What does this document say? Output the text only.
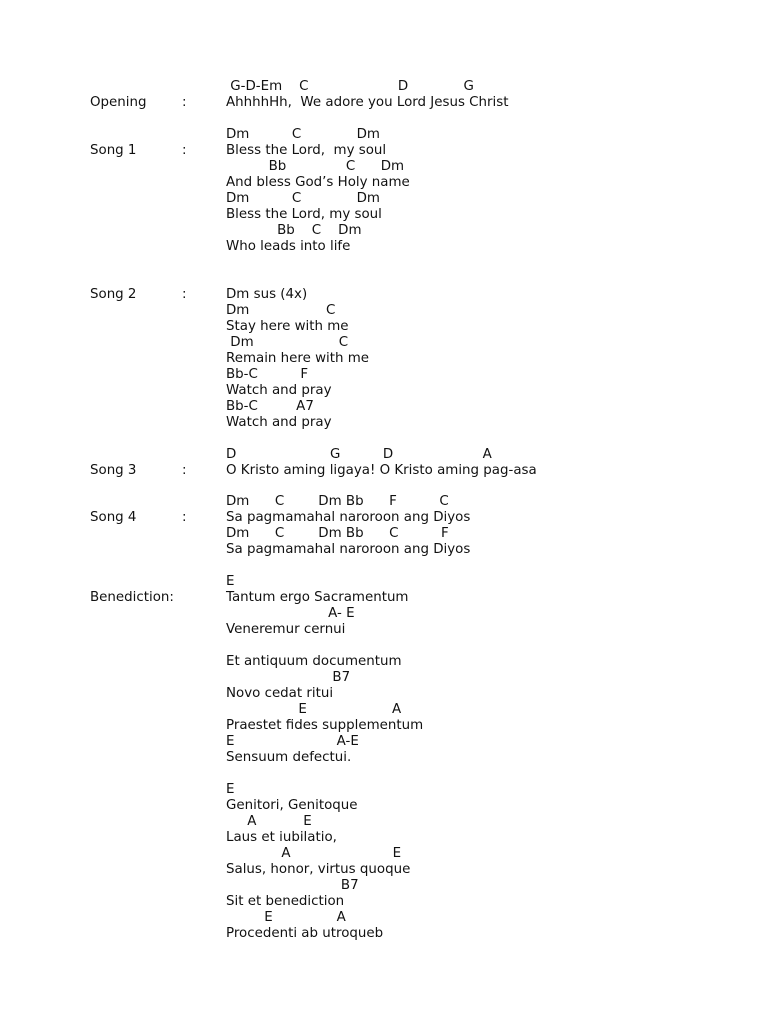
G-D-Em    C                     D             G
Opening	:	AhhhhHh,  We adore you Lord Jesus Christ
Dm          C             Dm
Song 1	:	Bless the Lord,  my soul
Bb              C      Dm
And bless God’s Holy name
Dm          C             Dm
Bless the Lord, my soul
Bb    C    Dm
Who leads into life
Song 2	:	Dm sus (4x)
Dm                  C
Stay here with me
Dm                    C
Remain here with me
Bb-C          F
Watch and pray
Bb-C         A7
Watch and pray
D                      G          D                     A
Song 3	:	O Kristo aming ligaya! O Kristo aming pag-asa
Dm      C        Dm Bb      F          C
Song 4	:	Sa pagmamahal naroroon ang Diyos
Dm      C        Dm Bb      C          F
Sa pagmamahal naroroon ang Diyos
E
Benediction:	Tantum ergo Sacramentum
A- E
Veneremur cernui
Et antiquum documentum
B7
Novo cedat ritui
E                    A
Praestet fides supplementum
E                        A-E
Sensuum defectui.
E
Genitori, Genitoque
A           E
Laus et iubilatio,
A                        E
Salus, honor, virtus quoque
B7
Sit et benediction
E               A
Procedenti ab utroqueb
